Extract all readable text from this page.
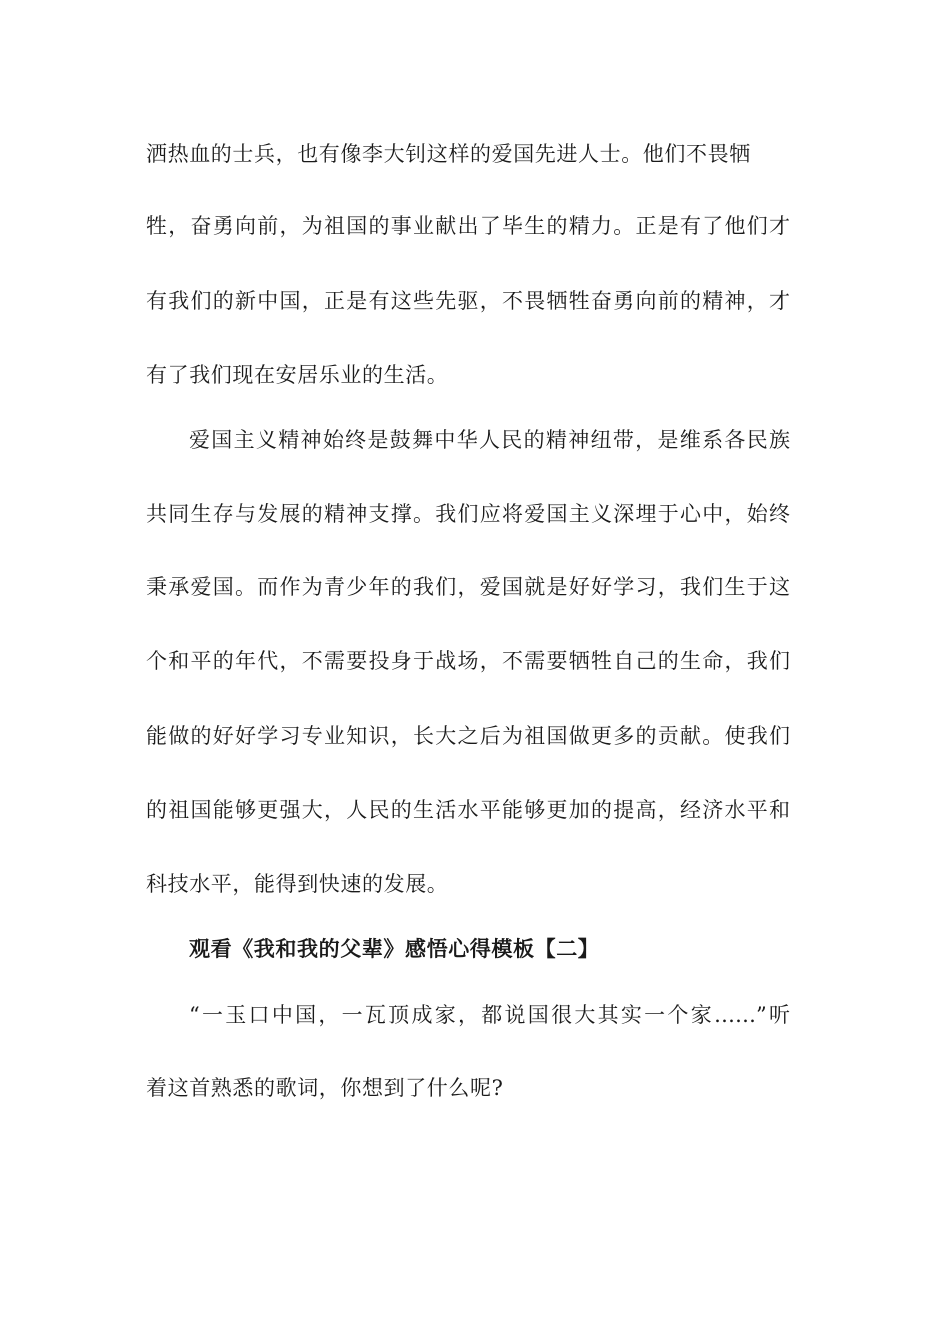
洒热血的士兵，也有像李大钊这样的爱国先进人士。他们不畏牺
牲，奋勇向前，为祖国的事业献出了毕生的精力。正是有了他们才
有我们的新中国，正是有这些先驱，不畏牺牲奋勇向前的精神，才
有了我们现在安居乐业的生活。
爱国主义精神始终是鼓舞中华人民的精神纽带，是维系各民族
共同生存与发展的精神支撑。我们应将爱国主义深埋于心中，始终
秉承爱国。而作为青少年的我们，爱国就是好好学习，我们生于这
个和平的年代，不需要投身于战场，不需要牺牲自己的生命，我们
能做的好好学习专业知识，长大之后为祖国做更多的贡献。使我们
的祖国能够更强大，人民的生活水平能够更加的提高，经济水平和
科技水平，能得到快速的发展。
观看《我和我的父辈》感悟心得模板【二】
“一玉口中国，一瓦顶成家，都说国很大其实一个家……”听
着这首熟悉的歌词，你想到了什么呢?
